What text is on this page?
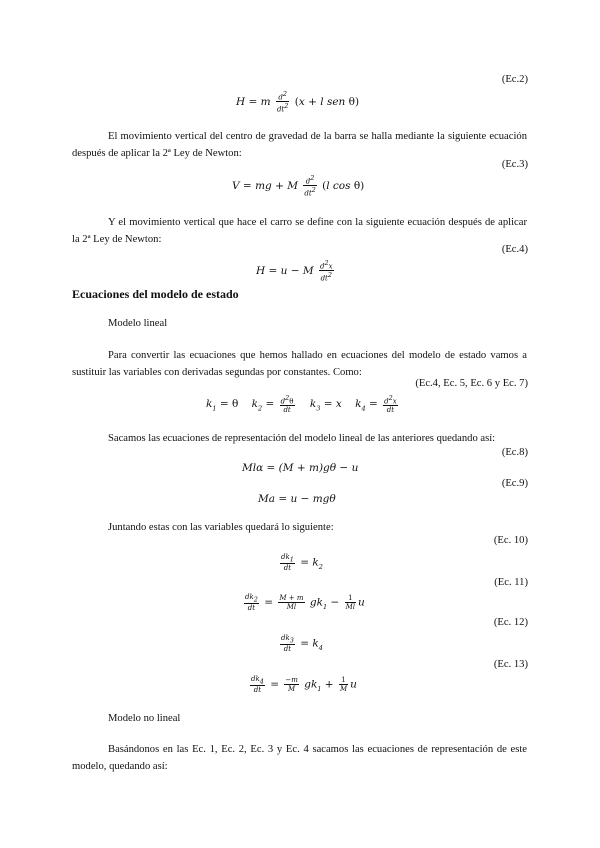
(Ec.2)
H = m $\frac{d^2}{dt^2} (x + l$ sen θ)
El movimiento vertical del centro de gravedad de la barra se halla mediante la siguiente ecuación después de aplicar la 2ª Ley de Newton:
(Ec.3)
V = mg + M $\frac{d^2}{dt^2} (l$ cos θ)
Y el movimiento vertical que hace el carro se define con la siguiente ecuación después de aplicar la 2ª Ley de Newton:
(Ec.4)
H = u − M $\frac{d^2x}{dt^2}$
Ecuaciones del modelo de estado
Modelo lineal
Para convertir las ecuaciones que hemos hallado en ecuaciones del modelo de estado vamos a sustituir las variables con derivadas segundas por constantes. Como:
(Ec.4, Ec. 5, Ec. 6 y Ec. 7)
$k_1 = \theta$ $k_2 = \frac{d^2\theta}{dt} k_3 = x$ $k_4 = \frac{d^2x}{dt}$
Sacamos las ecuaciones de representación del modelo lineal de las anteriores quedando así:
(Ec.8)
Mlα = (M + m)gθ − u
(Ec.9)
Ma = u − mgθ
Juntando estas con las variables quedará lo siguiente:
(Ec. 10)
$\frac{dk_1}{dt} = k_2$
(Ec. 11)
$\frac{dk_2}{dt} = \frac{M + m}{Ml} gk_1 - \frac{1}{Ml}$ u
(Ec. 12)
$\frac{dk_3}{dt} = k_4$
(Ec. 13)
$\frac{dk_4}{dt} = \frac{-m}{M} gk_1 + \frac{1}{M}$ u
Modelo no lineal
Basándonos en las Ec. 1, Ec. 2, Ec. 3 y Ec. 4 sacamos las ecuaciones de representación de este modelo, quedando así:
